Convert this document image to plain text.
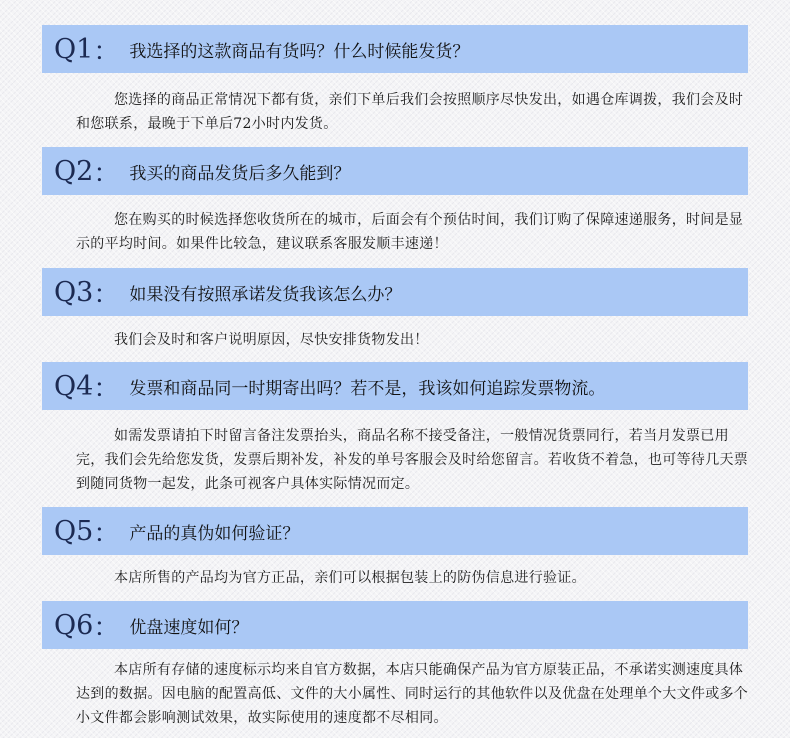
Q1 ： 我选择的这款商品有货吗？什么时候能发货？

您选择的商品正常情况下都有货，亲们下单后我们会按照顺序尽快发出，如遇仓库调拨，我们会及时和您联系，最晚于下单后72小时内发货。

Q2 ： 我买的商品发货后多久能到？

您在购买的时候选择您收货所在的城市，后面会有个预估时间，我们订购了保障速递服务，时间是显示的平均时间。如果件比较急，建议联系客服发顺丰速递！

Q3 ： 如果没有按照承诺发货我该怎么办？

我们会及时和客户说明原因，尽快安排货物发出！

Q4 ： 发票和商品同一时期寄出吗？若不是，我该如何追踪发票物流。

如需发票请拍下时留言备注发票抬头，商品名称不接受备注，一般情况货票同行，若当月发票已用完，我们会先给您发货，发票后期补发，补发的单号客服会及时给您留言。若收货不着急，也可等待几天票到随同货物一起发，此条可视客户具体实际情况而定。

Q5 ： 产品的真伪如何验证？

本店所售的产品均为官方正品，亲们可以根据包装上的防伪信息进行验证。

Q6 ： 优盘速度如何？

本店所有存储的速度标示均来自官方数据，本店只能确保产品为官方原装正品，不承诺实测速度具体达到的数据。因电脑的配置高低、文件的大小属性、同时运行的其他软件以及优盘在处理单个大文件或多个小文件都会影响测试效果，故实际使用的速度都不尽相同。
